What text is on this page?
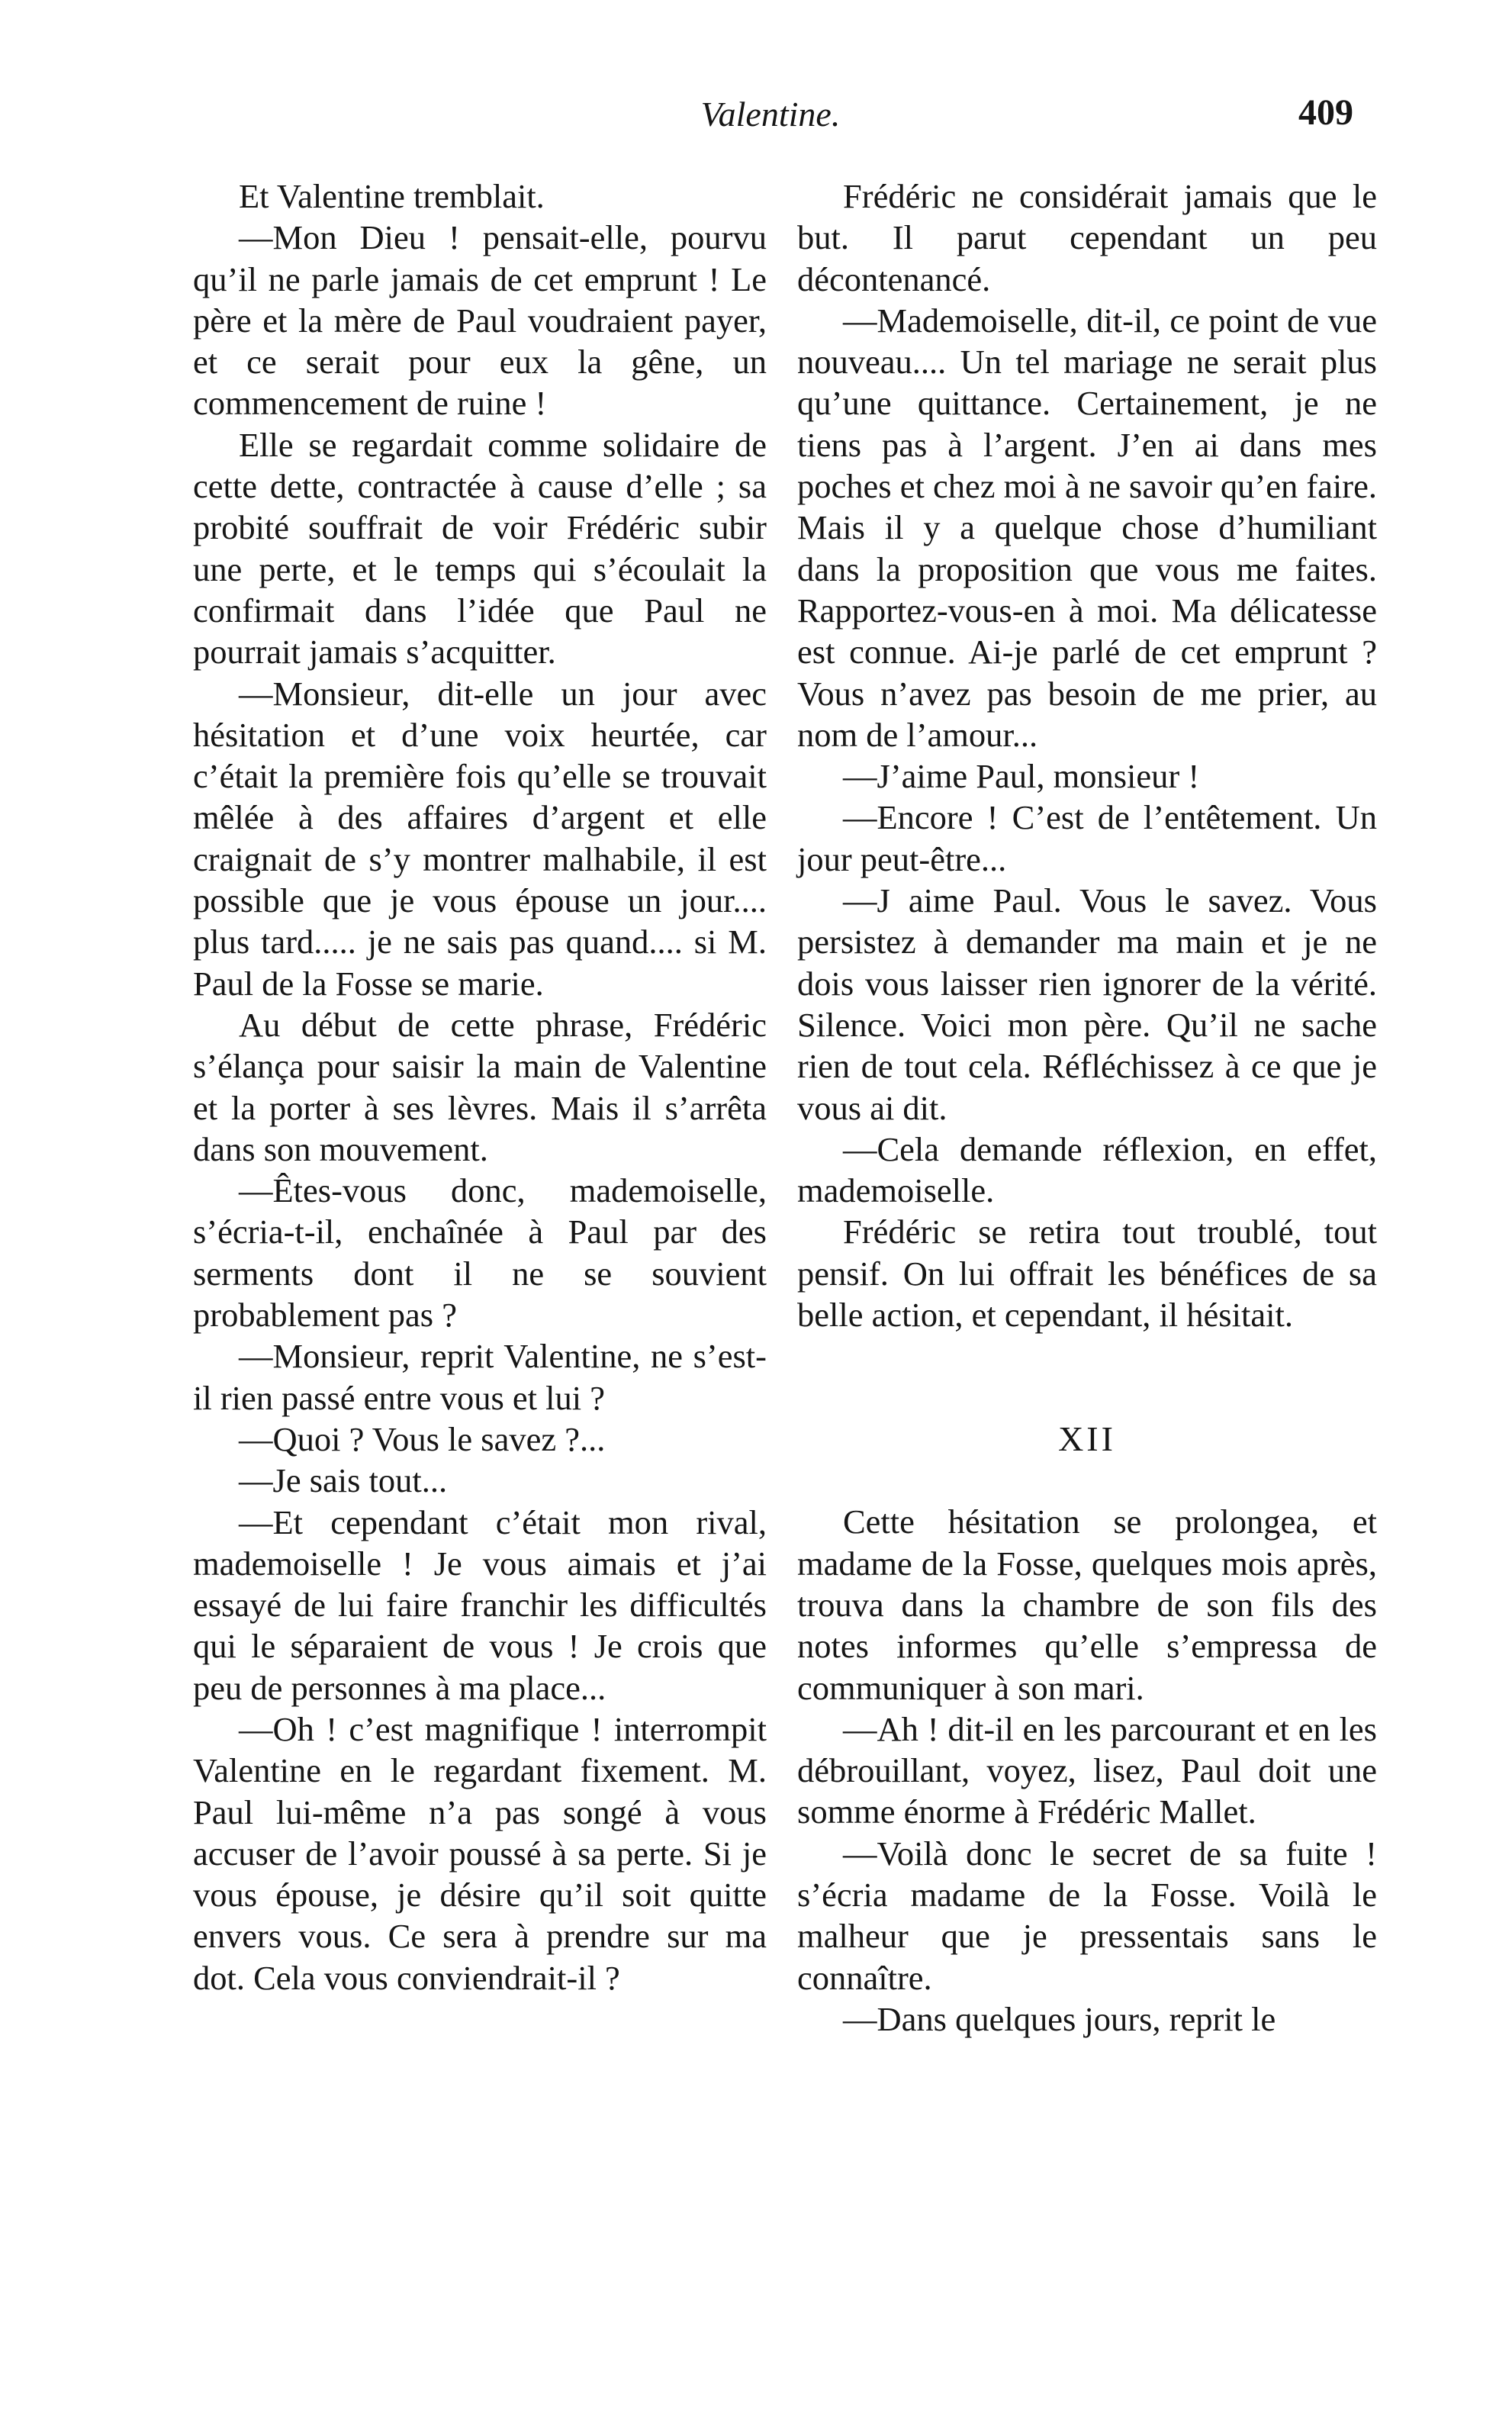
Valentine.	409

Et Valentine tremblait.

—Mon Dieu ! pensait-elle, pourvu qu’il ne parle jamais de cet emprunt ! Le père et la mère de Paul voudraient payer, et ce serait pour eux la gêne, un commencement de ruine !

Elle se regardait comme solidaire de cette dette, contractée à cause d’elle ; sa probité souffrait de voir Frédéric subir une perte, et le temps qui s’écoulait la confirmait dans l’idée que Paul ne pourrait jamais s’acquitter.

—Monsieur, dit-elle un jour avec hésitation et d’une voix heurtée, car c’était la première fois qu’elle se trouvait mêlée à des affaires d’argent et elle craignait de s’y montrer malhabile, il est possible que je vous épouse un jour.... plus tard..... je ne sais pas quand.... si M. Paul de la Fosse se marie.

Au début de cette phrase, Frédéric s’élança pour saisir la main de Valentine et la porter à ses lèvres. Mais il s’arrêta dans son mouvement.

—Êtes-vous donc, mademoiselle, s’écria-t-il, enchaînée à Paul par des serments dont il ne se souvient probablement pas ?

—Monsieur, reprit Valentine, ne s’est-il rien passé entre vous et lui ?

—Quoi ? Vous le savez ?...

—Je sais tout...

—Et cependant c’était mon rival, mademoiselle ! Je vous aimais et j’ai essayé de lui faire franchir les difficultés qui le séparaient de vous ! Je crois que peu de personnes à ma place...

—Oh ! c’est magnifique ! interrompit Valentine en le regardant fixement. M. Paul lui-même n’a pas songé à vous accuser de l’avoir poussé à sa perte. Si je vous épouse, je désire qu’il soit quitte envers vous. Ce sera à prendre sur ma dot. Cela vous conviendrait-il ?

Frédéric ne considérait jamais que le but. Il parut cependant un peu décontenancé.

—Mademoiselle, dit-il, ce point de vue nouveau.... Un tel mariage ne serait plus qu’une quittance. Certainement, je ne tiens pas à l’argent. J’en ai dans mes poches et chez moi à ne savoir qu’en faire. Mais il y a quelque chose d’humiliant dans la proposition que vous me faites. Rapportez-vous-en à moi. Ma délicatesse est connue. Ai-je parlé de cet emprunt ? Vous n’avez pas besoin de me prier, au nom de l’amour...

—J’aime Paul, monsieur !

—Encore ! C’est de l’entêtement. Un jour peut-être...

—J aime Paul. Vous le savez. Vous persistez à demander ma main et je ne dois vous laisser rien ignorer de la vérité. Silence. Voici mon père. Qu’il ne sache rien de tout cela. Réfléchissez à ce que je vous ai dit.

—Cela demande réflexion, en effet, mademoiselle.

Frédéric se retira tout troublé, tout pensif. On lui offrait les bénéfices de sa belle action, et cependant, il hésitait.

XII

Cette hésitation se prolongea, et madame de la Fosse, quelques mois après, trouva dans la chambre de son fils des notes informes qu’elle s’empressa de communiquer à son mari.

—Ah ! dit-il en les parcourant et en les débrouillant, voyez, lisez, Paul doit une somme énorme à Frédéric Mallet.

—Voilà donc le secret de sa fuite ! s’écria madame de la Fosse. Voilà le malheur que je pressentais sans le connaître.

—Dans quelques jours, reprit le
